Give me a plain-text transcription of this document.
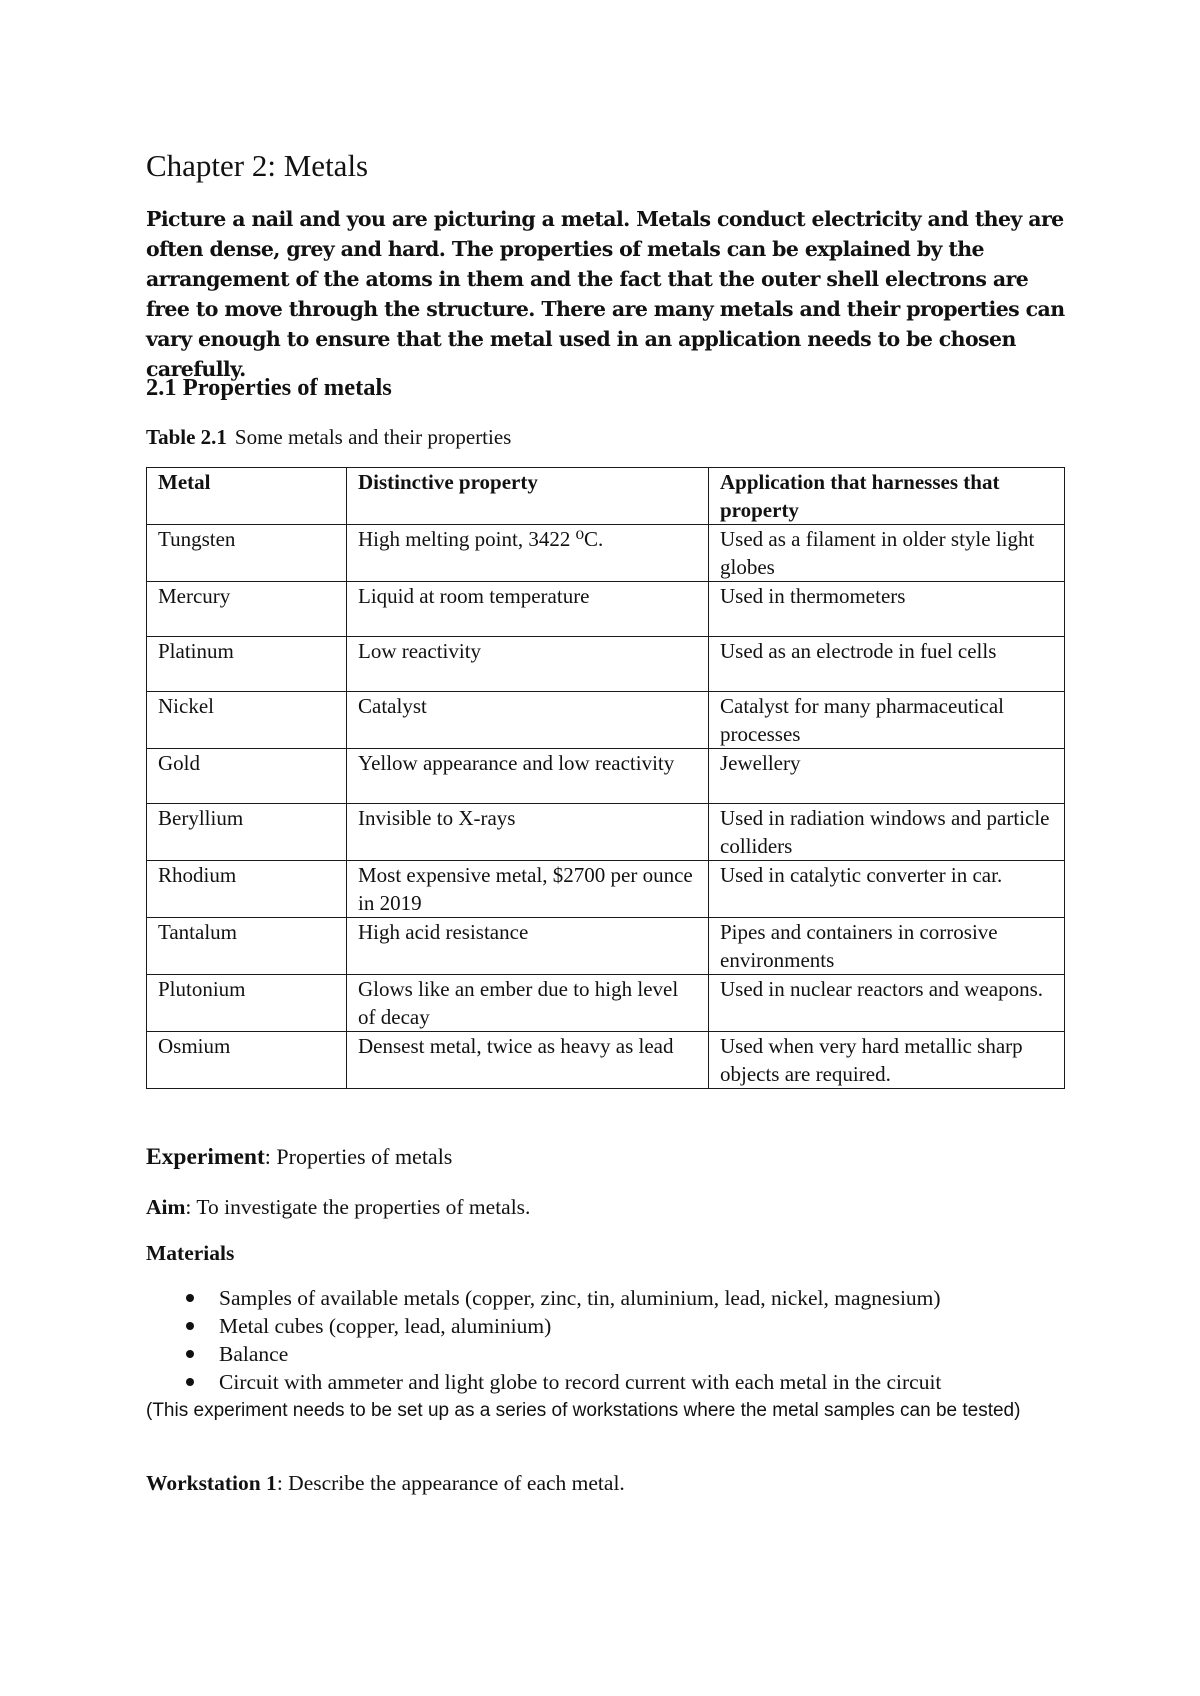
Chapter 2: Metals

Picture a nail and you are picturing a metal. Metals conduct electricity and they are often dense, grey and hard. The properties of metals can be explained by the arrangement of the atoms in them and the fact that the outer shell electrons are free to move through the structure. There are many metals and their properties can vary enough to ensure that the metal used in an application needs to be chosen carefully.

2.1 Properties of metals

Table 2.1 Some metals and their properties

Metal	Distinctive property	Application that harnesses that property
Tungsten	High melting point, 3422 ⁰C.	Used as a filament in older style light globes
Mercury	Liquid at room temperature	Used in thermometers
Platinum	Low reactivity	Used as an electrode in fuel cells
Nickel	Catalyst	Catalyst for many pharmaceutical processes
Gold	Yellow appearance and low reactivity	Jewellery
Beryllium	Invisible to X-rays	Used in radiation windows and particle colliders
Rhodium	Most expensive metal, $2700 per ounce in 2019	Used in catalytic converter in car.
Tantalum	High acid resistance	Pipes and containers in corrosive environments
Plutonium	Glows like an ember due to high level of decay	Used in nuclear reactors and weapons.
Osmium	Densest metal, twice as heavy as lead	Used when very hard metallic sharp objects are required.

Experiment: Properties of metals

Aim: To investigate the properties of metals.

Materials

Samples of available metals (copper, zinc, tin, aluminium, lead, nickel, magnesium)
Metal cubes (copper, lead, aluminium)
Balance
Circuit with ammeter and light globe to record current with each metal in the circuit

(This experiment needs to be set up as a series of workstations where the metal samples can be tested)

Workstation 1: Describe the appearance of each metal.
